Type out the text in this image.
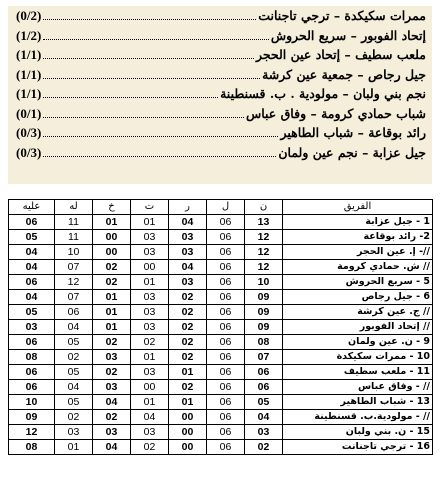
(0/2)	ممرات سكيكدة – ترجي تاجنانت
(1/2)	إتحاد الفوبور – سريع الحروش
(1/1)	ملعب سطيف – إتحاد عين الحجر
(1/1)	جيل رجاص – جمعية عين كرشة
(1/1)	نجم بني ولبان – مولودية . ب. قسنطينة
(0/1)	شباب حمادي كرومة – وفاق عباس
(0/3)	رائد بوقاعة – شباب الطاهير
(0/3)	جيل عزابة – نجم عين ولمان
الفريق	ن	ل	ر	ت	خ	له	عليه
1 - جيل عزابة	13	06	04	01	01	11	06
2- رائد بوقاعة	12	06	03	03	00	11	05
//- إ. عين الحجر	12	06	03	03	00	10	04
// ش. حمادي كرومة	12	06	04	00	02	07	04
5 - سريع الحروش	10	06	03	01	02	12	06
6 - جيل رجاص	09	06	02	03	01	07	04
// ج. عين كرشة	09	06	02	03	01	06	05
// إتحاد الفوبور	09	06	02	03	01	04	03
9 - ن. عين ولمان	08	06	02	02	02	05	06
10 - ممرات سكيكدة	07	06	02	01	03	02	08
11 - ملعب سطيف	06	06	01	03	02	05	06
// - وفاق عباس	06	06	02	00	03	04	06
13 - شباب الطاهير	05	06	01	01	04	05	10
// - مولودية.ب. قسنطينة	04	06	00	04	02	02	09
15 - ن. بني ولبان	03	06	00	03	03	03	12
16 - ترجي تاجنانت	02	06	00	02	04	01	08
